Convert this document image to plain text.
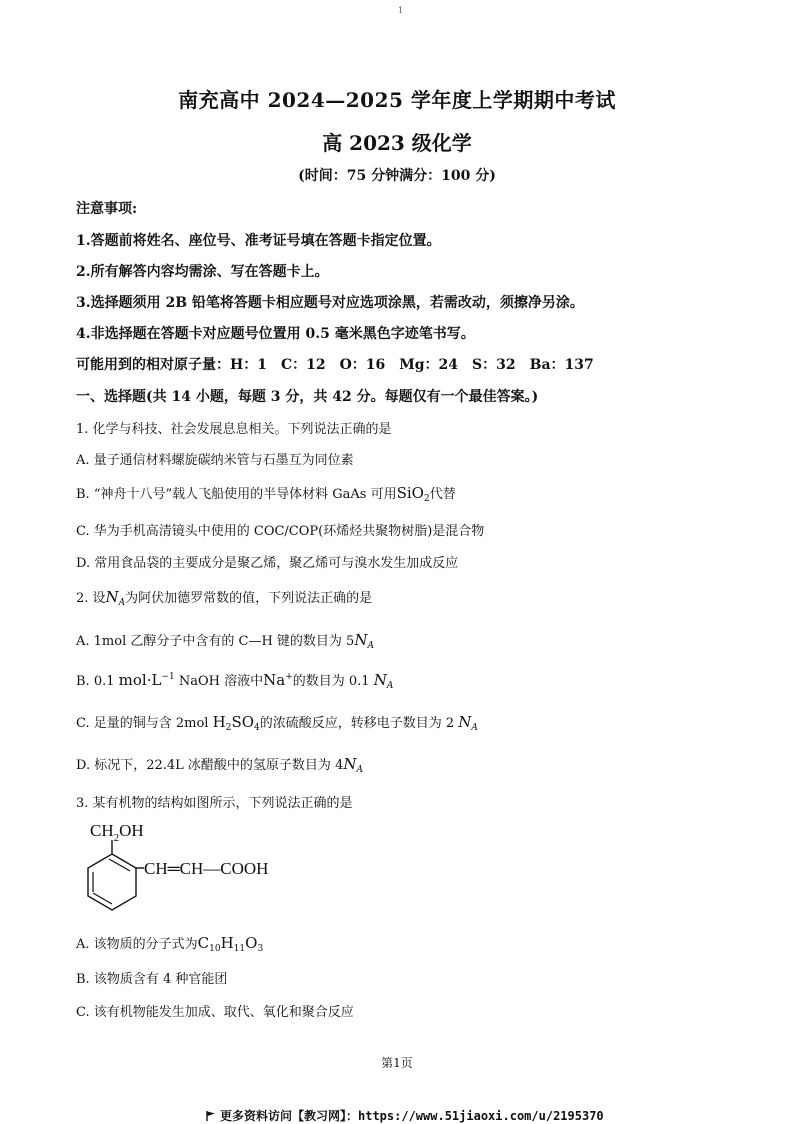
1
南充高中 2024—2025 学年度上学期期中考试
高 2023 级化学
(时间：75 分钟满分：100 分)
注意事项:
1.答题前将姓名、座位号、准考证号填在答题卡指定位置。
2.所有解答内容均需涂、写在答题卡上。
3.选择题须用 2B 铅笔将答题卡相应题号对应选项涂黑，若需改动，须擦净另涂。
4.非选择题在答题卡对应题号位置用 0.5 毫米黑色字迹笔书写。
可能用到的相对原子量：H：1　C：12　O：16　Mg：24　S：32　Ba：137
一、选择题(共 14 小题，每题 3 分，共 42 分。每题仅有一个最佳答案。)
1. 化学与科技、社会发展息息相关。下列说法正确的是
A. 量子通信材料螺旋碳纳米管与石墨互为同位素
B. “神舟十八号”载人飞船使用的半导体材料 GaAs 可用SiO$_2$代替
C. 华为手机高清镜头中使用的 COC/COP(环烯烃共聚物树脂)是混合物
D. 常用食品袋的主要成分是聚乙烯，聚乙烯可与溴水发生加成反应
2. 设$N_A$为阿伏加德罗常数的值，下列说法正确的是
A. 1mol 乙醇分子中含有的 C—H 键的数目为 $5N_A$
B. 0.1 $mol\cdot L^{-1}$ NaOH 溶液中Na+的数目为 0.1 $N_A$
C. 足量的铜与含 2mol $H_2SO_4$的浓硫酸反应，转移电子数目为 2 $N_A$
D. 标况下，22.4L 冰醋酸中的氢原子数目为 $4N_A$
3. 某有机物的结构如图所示，下列说法正确的是
$CH_2OH$
CH═CH—COOH
A. 该物质的分子式为$C_{10}H_{11}O_3$
B. 该物质含有 4 种官能团
C. 该有机物能发生加成、取代、氧化和聚合反应
第1页
更多资料访问【教习网】：https://www.51jiaoxi.com/u/2195370
